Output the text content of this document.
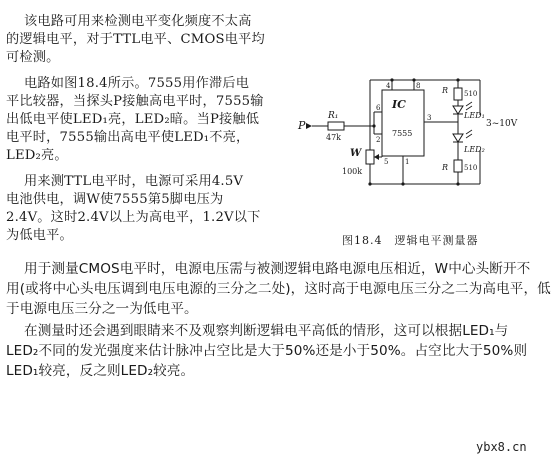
该电路可用来检测电平变化频度不太高
的逻辑电平，对于TTL电平、CMOS电平均
可检测。
电路如图18.4所示。7555用作滞后电
平比较器，当探头P接触高电平时，7555输
出低电平使LED₁亮，LED₂暗。当P接触低
电平时，7555输出高电平使LED₁不亮，
LED₂亮。
用来测TTL电平时，电源可采用4.5V
电池供电，调W使7555第5脚电压为
2.4V。这时2.4V以上为高电平，1.2V以下
为低电平。
P
R₁
47k
W
100k
IC
7555
4	8
6
5
3
2
1
R 510
LED₁
LED₂
R 510
3~10V
图18.4　逻辑电平测量器
用于测量CMOS电平时，电源电压需与被测逻辑电路电源电压相近，W中心头断开不
用(或将中心头电压调到电压电源的三分之二处)，这时高于电源电压三分之二为高电平，低
于电源电压三分之一为低电平。
在测量时还会遇到眼睛来不及观察判断逻辑电平高低的情形，这可以根据LED₁与
LED₂不同的发光强度来估计脉冲占空比是大于50%还是小于50%。占空比大于50%则
LED₁较亮，反之则LED₂较亮。
ybx8.cn
